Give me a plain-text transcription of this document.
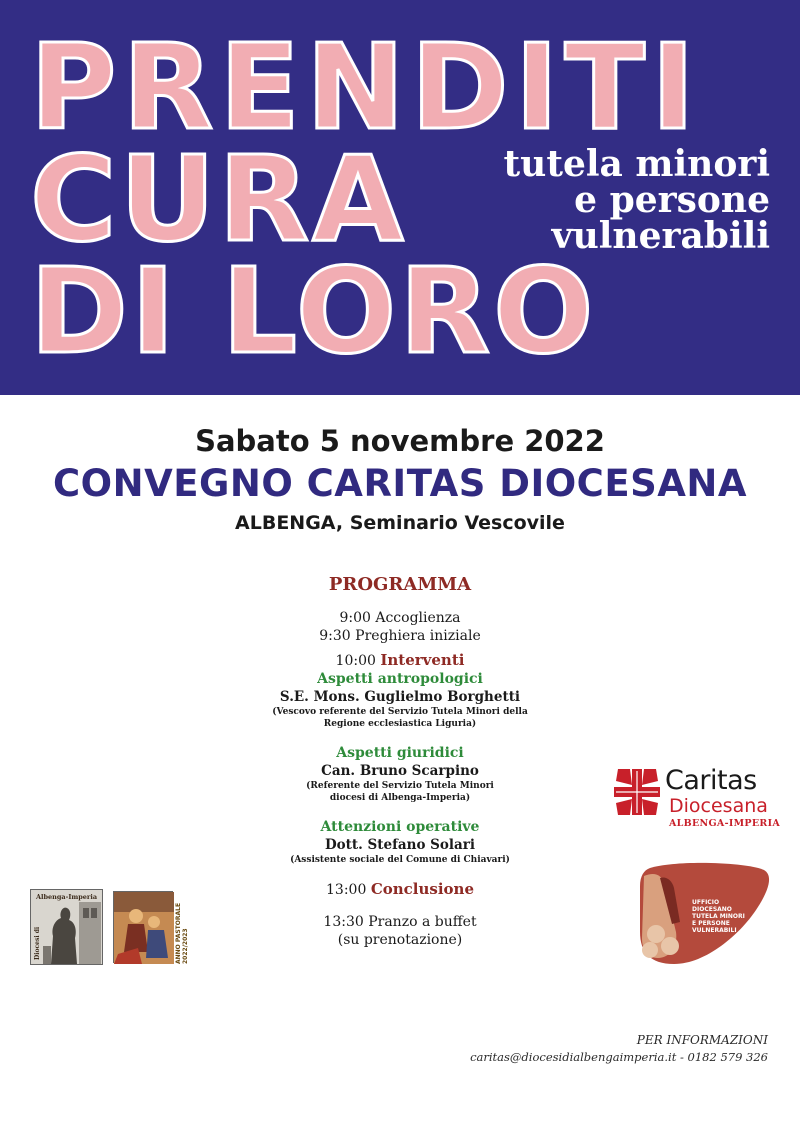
PRENDITI
CURA
DI LORO
tutela minori
e persone
vulnerabili
Sabato 5 novembre 2022
CONVEGNO CARITAS DIOCESANA
ALBENGA, Seminario Vescovile
PROGRAMMA
9:00 Accoglienza
9:30 Preghiera iniziale
10:00 Interventi
Aspetti antropologici
S.E. Mons. Guglielmo Borghetti
(Vescovo referente del Servizio Tutela Minori della
Regione ecclesiastica Liguria)
Aspetti giuridici
Can. Bruno Scarpino
(Referente del Servizio Tutela Minori
diocesi di Albenga-Imperia)
Attenzioni operative
Dott. Stefano Solari
(Assistente sociale del Comune di Chiavari)
13:00 Conclusione
13:30 Pranzo a buffet
(su prenotazione)
Caritas
Diocesana
ALBENGA-IMPERIA
UFFICIO
DIOCESANO
TUTELA MINORI
E PERSONE
VULNERABILI
Albenga-Imperia
Diocesi di	ANNO PASTORALE 2022/2023
PER INFORMAZIONI
caritas@diocesidialbengaimperia.it - 0182 579 326
